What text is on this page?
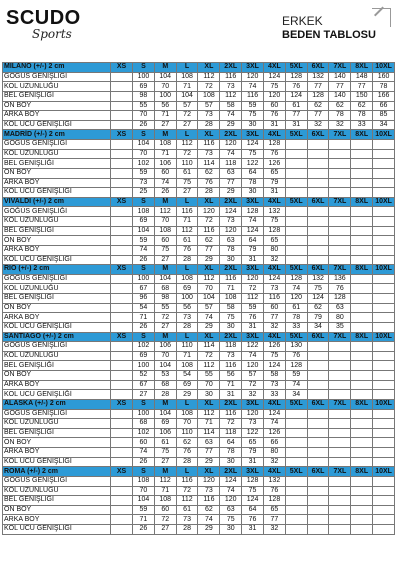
SCUDO
Sports
ERKEK
BEDEN TABLOSU
MİLANO (+/-) 2 cm	XS	S	M	L	XL	2XL	3XL	4XL	5XL	6XL	7XL	8XL	10XL
GÖĞÜS GENİŞLİĞİ		100	104	108	112	116	120	124	128	132	140	148	160
KOL UZUNLUĞU		69	70	71	72	73	74	75	76	77	77	77	78
BEL GENİŞLİĞİ		98	100	104	108	112	116	120	124	128	140	150	166
ÖN BOY		55	56	57	57	58	59	60	61	62	62	62	66
ARKA BOY		70	71	72	73	74	75	76	77	77	78	78	85
KOL UCU GENİŞLİĞİ		26	27	27	28	29	30	31	31	32	32	33	34
MADRİD (+/-) 2 cm	XS	S	M	L	XL	2XL	3XL	4XL	5XL	6XL	7XL	8XL	10XL
GÖĞÜS GENİŞLİĞİ		104	108	112	116	120	124	128					
KOL UZUNLUĞU		70	71	72	73	74	75	76					
BEL GENİŞLİĞİ		102	106	110	114	118	122	126					
ÖN BOY		59	60	61	62	63	64	65					
ARKA BOY		73	74	75	76	77	78	79					
KOL UCU GENİŞLİĞİ		25	26	27	28	29	30	31					
VIVALDİ (+/-) 2 cm	XS	S	M	L	XL	2XL	3XL	4XL	5XL	6XL	7XL	8XL	10XL
GÖĞÜS GENİŞLİĞİ		108	112	116	120	124	128	132					
KOL UZUNLUĞU		69	70	71	72	73	74	75					
BEL GENİŞLİĞİ		104	108	112	116	120	124	128					
ÖN BOY		59	60	61	62	63	64	65					
ARKA BOY		74	75	76	77	78	79	80					
KOL UCU GENİŞLİĞİ		26	27	28	29	30	31	32					
RİO (+/-) 2 cm	XS	S	M	L	XL	2XL	3XL	4XL	5XL	6XL	7XL	8XL	10XL
GÖĞÜS GENİŞLİĞİ		100	104	108	112	116	120	124	128	132	136		
KOL UZUNLUĞU		67	68	69	70	71	72	73	74	75	76		
BEL GENİŞLİĞİ		96	98	100	104	108	112	116	120	124	128		
ÖN BOY		54	55	56	57	58	59	60	61	62	63		
ARKA BOY		71	72	73	74	75	76	77	78	79	80		
KOL UCU GENİŞLİĞİ		26	27	28	29	30	31	32	33	34	35		
SANTIAGO (+/-) 2 cm	XS	S	M	L	XL	2XL	3XL	4XL	5XL	6XL	7XL	8XL	10XL
GÖĞÜS GENİŞLİĞİ		102	106	110	114	118	122	126	130				
KOL UZUNLUĞU		69	70	71	72	73	74	75	76				
BEL GENİŞLİĞİ		100	104	108	112	116	120	124	128				
ÖN BOY		52	53	54	55	56	57	58	59				
ARKA BOY		67	68	69	70	71	72	73	74				
KOL UCU GENİŞLİĞİ		27	28	29	30	31	32	33	34				
ALASKA (+/-) 2 cm	XS	S	M	L	XL	2XL	3XL	4XL	5XL	6XL	7XL	8XL	10XL
GÖĞÜS GENİŞLİĞİ		100	104	108	112	116	120	124					
KOL UZUNLUĞU		68	69	70	71	72	73	74					
BEL GENİŞLİĞİ		102	106	110	114	118	122	126					
ÖN BOY		60	61	62	63	64	65	66					
ARKA BOY		74	75	76	77	78	79	80					
KOL UCU GENİŞLİĞİ		26	27	28	29	30	31	32					
ROMA (+/-) 2 cm	XS	S	M	L	XL	2XL	3XL	4XL	5XL	6XL	7XL	8XL	10XL
GÖĞÜS GENİŞLİĞİ		108	112	116	120	124	128	132					
KOL UZUNLUĞU		70	71	72	73	74	75	76					
BEL GENİŞLİĞİ		104	108	112	116	120	124	128					
ÖN BOY		59	60	61	62	63	64	65					
ARKA BOY		71	72	73	74	75	76	77					
KOL UCU GENİŞLİĞİ		26	27	28	29	30	31	32					
